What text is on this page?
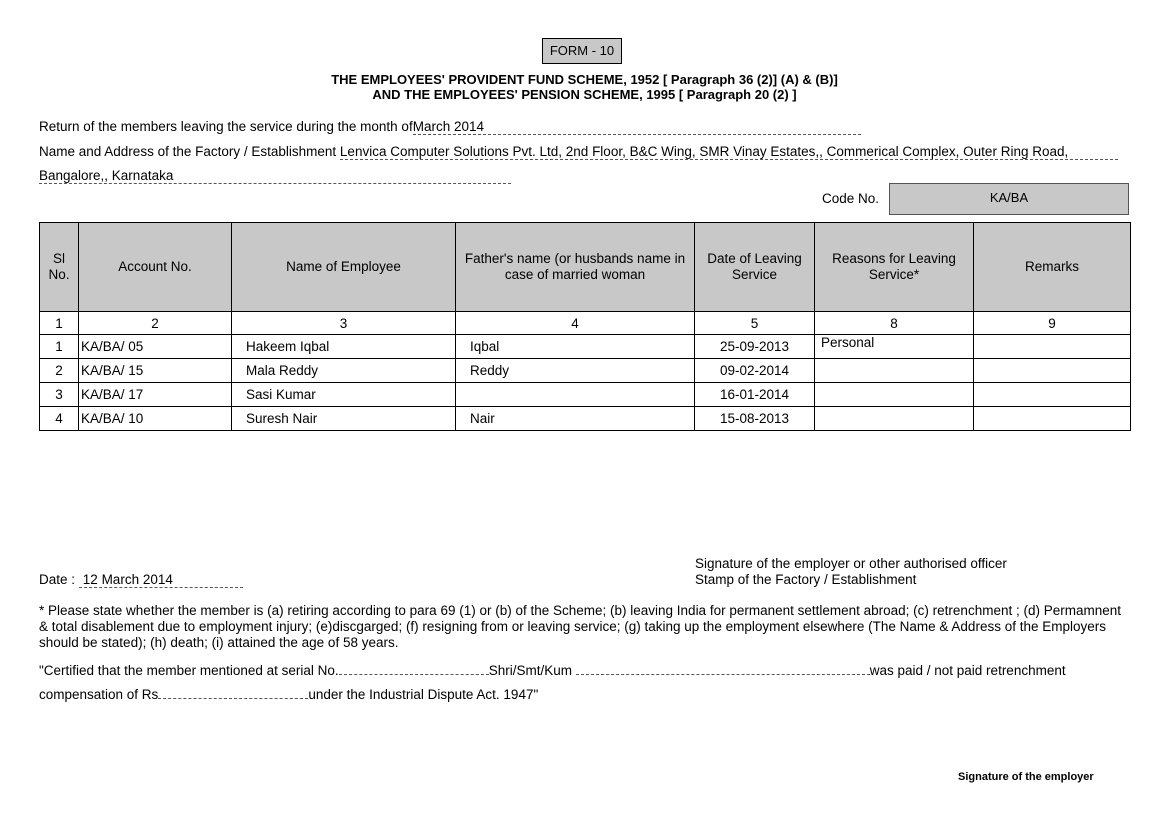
FORM - 10
THE EMPLOYEES' PROVIDENT FUND SCHEME, 1952 [ Paragraph 36 (2)] (A) & (B)]
AND THE EMPLOYEES' PENSION SCHEME, 1995 [ Paragraph 20 (2) ]
Return of the members leaving the service during the month ofMarch 2014
Name and Address of the Factory / Establishment Lenvica Computer Solutions Pvt. Ltd, 2nd Floor, B&C Wing, SMR Vinay Estates,, Commerical Complex, Outer Ring Road,
Bangalore,, Karnataka
Code No.	KA/BA
Sl No.	Account No.	Name of Employee	Father's name (or husbands name in case of married woman	Date of Leaving Service	Reasons for Leaving Service*	Remarks
1	2	3	4	5	8	9
1	KA/BA/ 05	Hakeem Iqbal	Iqbal	25-09-2013	Personal	
2	KA/BA/ 15	Mala Reddy	Reddy	09-02-2014		
3	KA/BA/ 17	Sasi Kumar		16-01-2014		
4	KA/BA/ 10	Suresh Nair	Nair	15-08-2013		
Signature of the employer or other authorised officer
Stamp of the Factory / Establishment
Date : 12 March 2014
* Please state whether the member is (a) retiring according to para 69 (1) or (b) of the Scheme; (b) leaving India for permanent settlement abroad; (c) retrenchment ; (d) Permamnent & total disablement due to employment injury; (e)discgarged; (f) resigning from or leaving service; (g) taking up the employment elsewhere (The Name & Address of the Employers should be stated); (h) death; (i) attained the age of 58 years.
"Certified that the member mentioned at serial No.	Shri/Smt/Kum	was paid / not paid retrenchment
compensation of Rs	under the Industrial Dispute Act. 1947"
Signature of the employer
